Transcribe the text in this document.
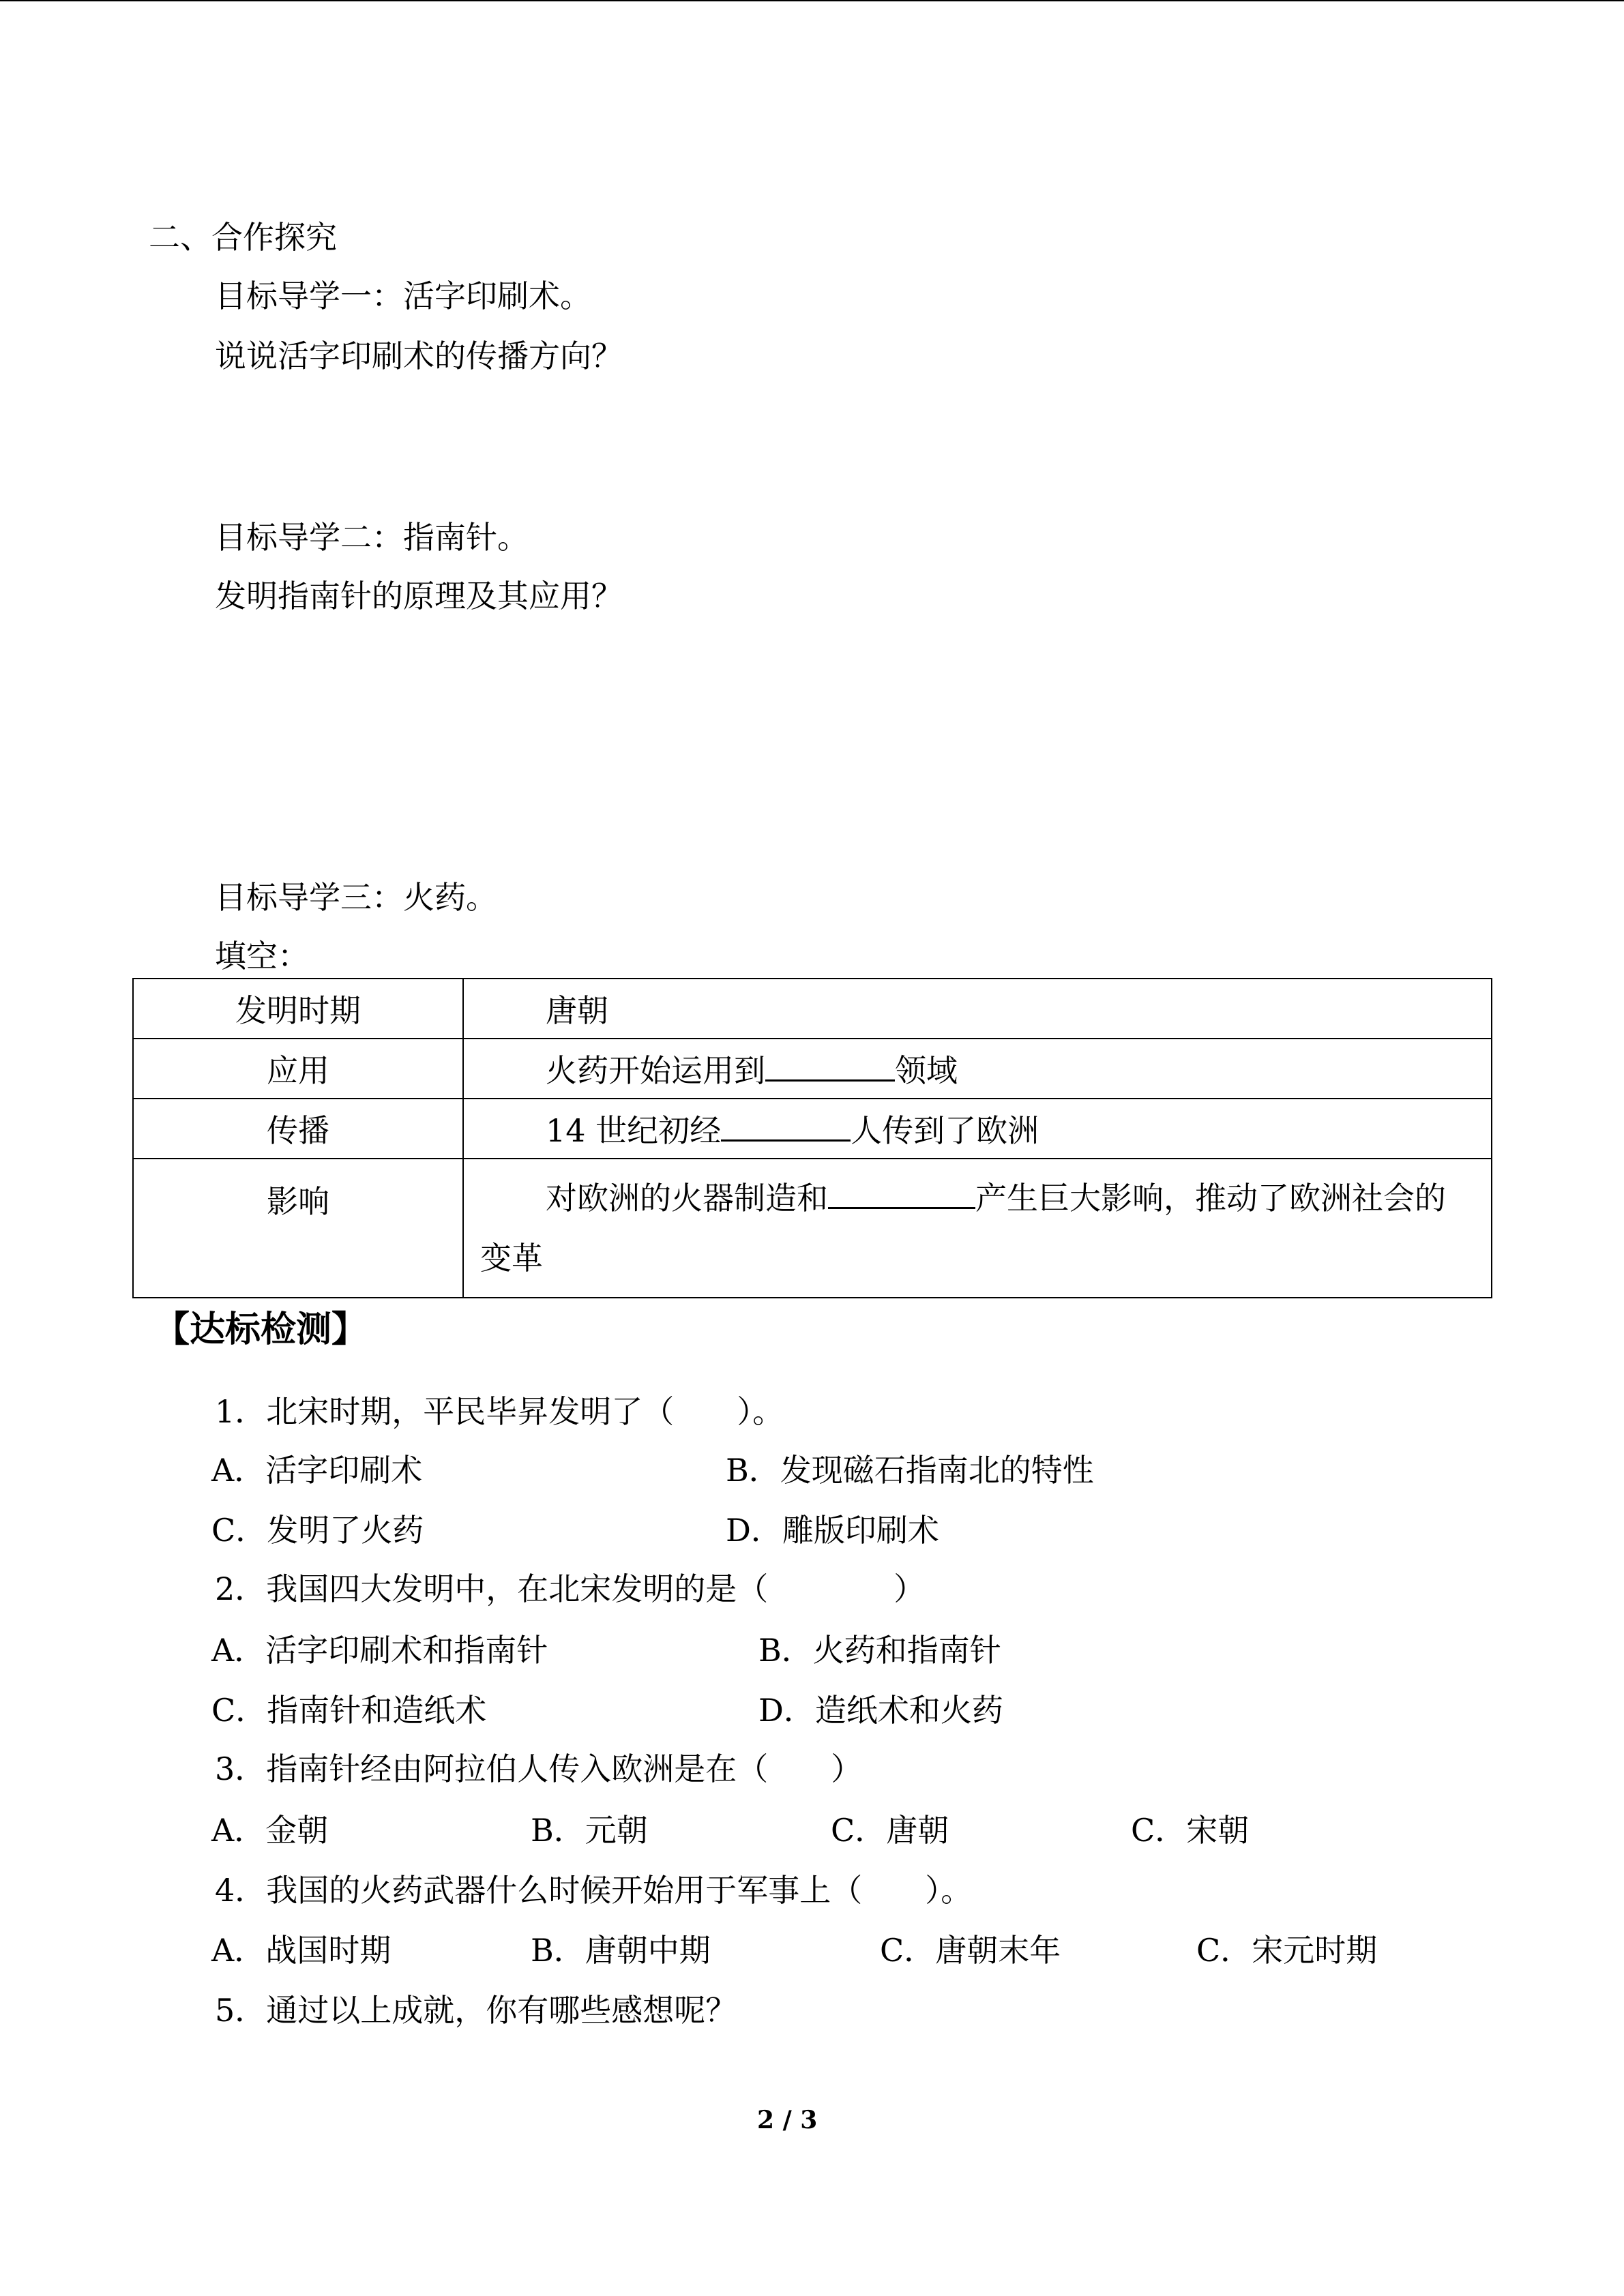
二、合作探究
目标导学一：活字印刷术。
说说活字印刷术的传播方向？
目标导学二：指南针。
发明指南针的原理及其应用？
目标导学三：火药。
填空：
发明时期	唐朝
应用	火药开始运用到 领域
传播	14 世纪初经 人传到了欧洲
影响	对欧洲的火器制造和 产生巨大影响，推动了欧洲社会的
变革
【达标检测】
1．北宋时期，平民毕昇发明了（　　）。
A．活字印刷术	B．发现磁石指南北的特性
C．发明了火药	D．雕版印刷术
2．我国四大发明中，在北宋发明的是（　　　　）
A．活字印刷术和指南针	B．火药和指南针
C．指南针和造纸术	D．造纸术和火药
3．指南针经由阿拉伯人传入欧洲是在（　　）
A．金朝	B．元朝	C．唐朝	C．宋朝
4．我国的火药武器什么时候开始用于军事上（　　）。
A．战国时期	B．唐朝中期	C．唐朝末年	C．宋元时期
5．通过以上成就，你有哪些感想呢？
2 / 3
